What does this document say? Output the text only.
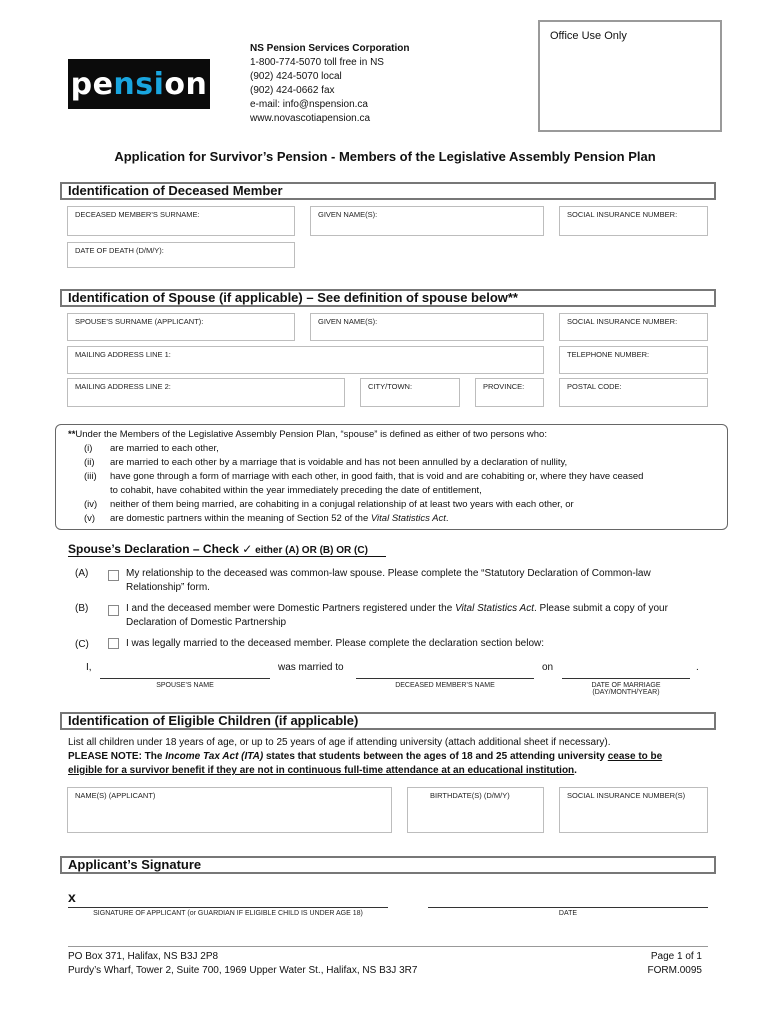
pe nsi on
NS Pension Services Corporation
1-800-774-5070 toll free in NS
(902) 424-5070 local
(902) 424-0662 fax
e-mail: info@nspension.ca
www.novascotiapension.ca
Office Use Only
Application for Survivor’s Pension - Members of the Legislative Assembly Pension Plan
Identification of Deceased Member
DECEASED MEMBER’S SURNAME:	GIVEN NAME(S):	SOCIAL INSURANCE NUMBER:
DATE OF DEATH (D/M/Y):
Identification of Spouse (if applicable) – See definition of spouse below**
SPOUSE’S SURNAME (APPLICANT):	GIVEN NAME(S):	SOCIAL INSURANCE NUMBER:
MAILING ADDRESS LINE 1:	TELEPHONE NUMBER:
MAILING ADDRESS LINE 2:	CITY/TOWN:	PROVINCE:	POSTAL CODE:
**Under the Members of the Legislative Assembly Pension Plan, “spouse” is defined as either of two persons who:
(i)	are married to each other,
(ii)	are married to each other by a marriage that is voidable and has not been annulled by a declaration of nullity,
(iii)	have gone through a form of marriage with each other, in good faith, that is void and are cohabiting or, where they have ceased
to cohabit, have cohabited within the year immediately preceding the date of entitlement,
(iv)	neither of them being married, are cohabiting in a conjugal relationship of at least two years with each other, or
(v)	are domestic partners within the meaning of Section 52 of the Vital Statistics Act.
Spouse’s Declaration – Check ✓ either (A) OR (B) OR (C)
(A)	My relationship to the deceased was common-law spouse. Please complete the “Statutory Declaration of Common-law
Relationship” form.
(B)	I and the deceased member were Domestic Partners registered under the Vital Statistics Act. Please submit a copy of your
Declaration of Domestic Partnership
(C)	I was legally married to the deceased member. Please complete the declaration section below:
I,	was married to	on	.
SPOUSE’S NAME	DECEASED MEMBER’S NAME	DATE OF MARRIAGE
(DAY/MONTH/YEAR)
Identification of Eligible Children (if applicable)
List all children under 18 years of age, or up to 25 years of age if attending university (attach additional sheet if necessary).
PLEASE NOTE: The Income Tax Act (ITA) states that students between the ages of 18 and 25 attending university cease to be
eligible for a survivor benefit if they are not in continuous full-time attendance at an educational institution.
NAME(S) (APPLICANT)	BIRTHDATE(S) (D/M/Y)	SOCIAL INSURANCE NUMBER(S)
Applicant’s Signature
x
SIGNATURE OF APPLICANT (or GUARDIAN IF ELIGIBLE CHILD IS UNDER AGE 18)	DATE
PO Box 371, Halifax, NS B3J 2P8
Purdy’s Wharf, Tower 2, Suite 700, 1969 Upper Water St., Halifax, NS B3J 3R7
Page 1 of 1
FORM.0095
